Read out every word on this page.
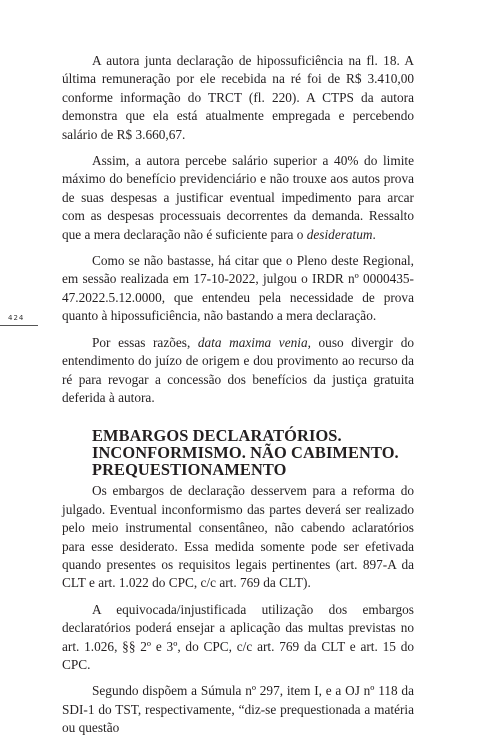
424

A autora junta declaração de hipossuficiência na fl. 18. A última remuneração por ele recebida na ré foi de R$ 3.410,00 conforme informação do TRCT (fl. 220). A CTPS da autora demonstra que ela está atualmente empregada e percebendo salário de R$ 3.660,67.

Assim, a autora percebe salário superior a 40% do limite máximo do benefício previdenciário e não trouxe aos autos prova de suas despesas a justificar eventual impedimento para arcar com as despesas processuais decorrentes da demanda. Ressalto que a mera declaração não é suficiente para o desideratum.

Como se não bastasse, há citar que o Pleno deste Regional, em sessão realizada em 17-10-2022, julgou o IRDR nº 0000435-47.2022.5.12.0000, que entendeu pela necessidade de prova quanto à hipossuficiência, não bastando a mera declaração.

Por essas razões, data maxima venia, ouso divergir do entendimento do juízo de origem e dou provimento ao recurso da ré para revogar a concessão dos benefícios da justiça gratuita deferida à autora.

EMBARGOS DECLARATÓRIOS.
INCONFORMISMO. NÃO CABIMENTO.
PREQUESTIONAMENTO

Os embargos de declaração desservem para a reforma do julgado. Eventual inconformismo das partes deverá ser realizado pelo meio instrumental consentâneo, não cabendo aclaratórios para esse desiderato. Essa medida somente pode ser efetivada quando presentes os requisitos legais pertinentes (art. 897-A da CLT e art. 1.022 do CPC, c/c art. 769 da CLT).

A equivocada/injustificada utilização dos embargos declaratórios poderá ensejar a aplicação das multas previstas no art. 1.026, §§ 2º e 3º, do CPC, c/c art. 769 da CLT e art. 15 do CPC.

Segundo dispõem a Súmula nº 297, item I, e a OJ nº 118 da SDI-1 do TST, respectivamente, “diz-se prequestionada a matéria ou questão
